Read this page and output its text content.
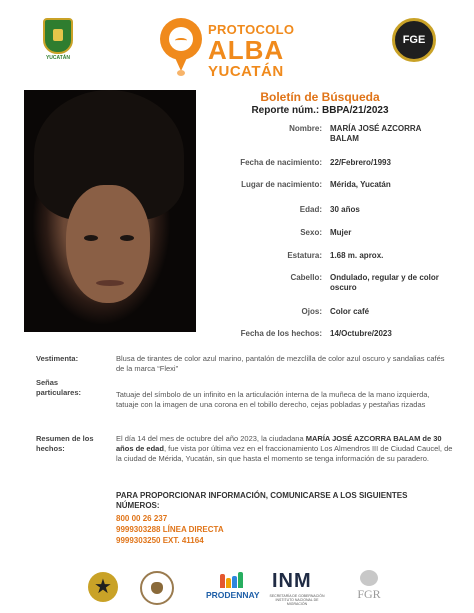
YUCATÁN
PROTOCOLO
ALBA
YUCATÁN
FGE
Boletín de Búsqueda
Reporte núm.: BBPA/21/2023
Nombre: MARÍA JOSÉ AZCORRA BALAM
Fecha de nacimiento: 22/Febrero/1993
Lugar de nacimiento: Mérida, Yucatán
Edad: 30 años
Sexo: Mujer
Estatura: 1.68 m. aprox.
Cabello: Ondulado, regular y de color oscuro
Ojos: Color café
Fecha de los hechos: 14/Octubre/2023
Vestimenta:	Blusa de tirantes de color azul marino, pantalón de mezclilla de color azul oscuro y sandalias cafés de la marca “Flexi”
Señas particulares:	Tatuaje del símbolo de un infinito en la articulación interna de la muñeca de la mano izquierda, tatuaje con la imagen de una corona en el tobillo derecho, cejas pobladas y pestañas rizadas
Resumen de los hechos:
El día 14 del mes de octubre del año 2023, la ciudadana MARÍA JOSÉ AZCORRA BALAM de 30 años de edad, fue vista por última vez en el fraccionamiento Los Almendros III de Ciudad Caucel, de la ciudad de Mérida, Yucatán, sin que hasta el momento se tenga información de su paradero.
PARA PROPORCIONAR INFORMACIÓN, COMUNICARSE A LOS SIGUIENTES NÚMEROS:
800 00 26 237
9999303288 LÍNEA DIRECTA
9999303250 EXT. 41164
★
PRODENNAY
INM
SECRETARÍA DE GOBERNACIÓN INSTITUTO NACIONAL DE MIGRACIÓN
FGR
